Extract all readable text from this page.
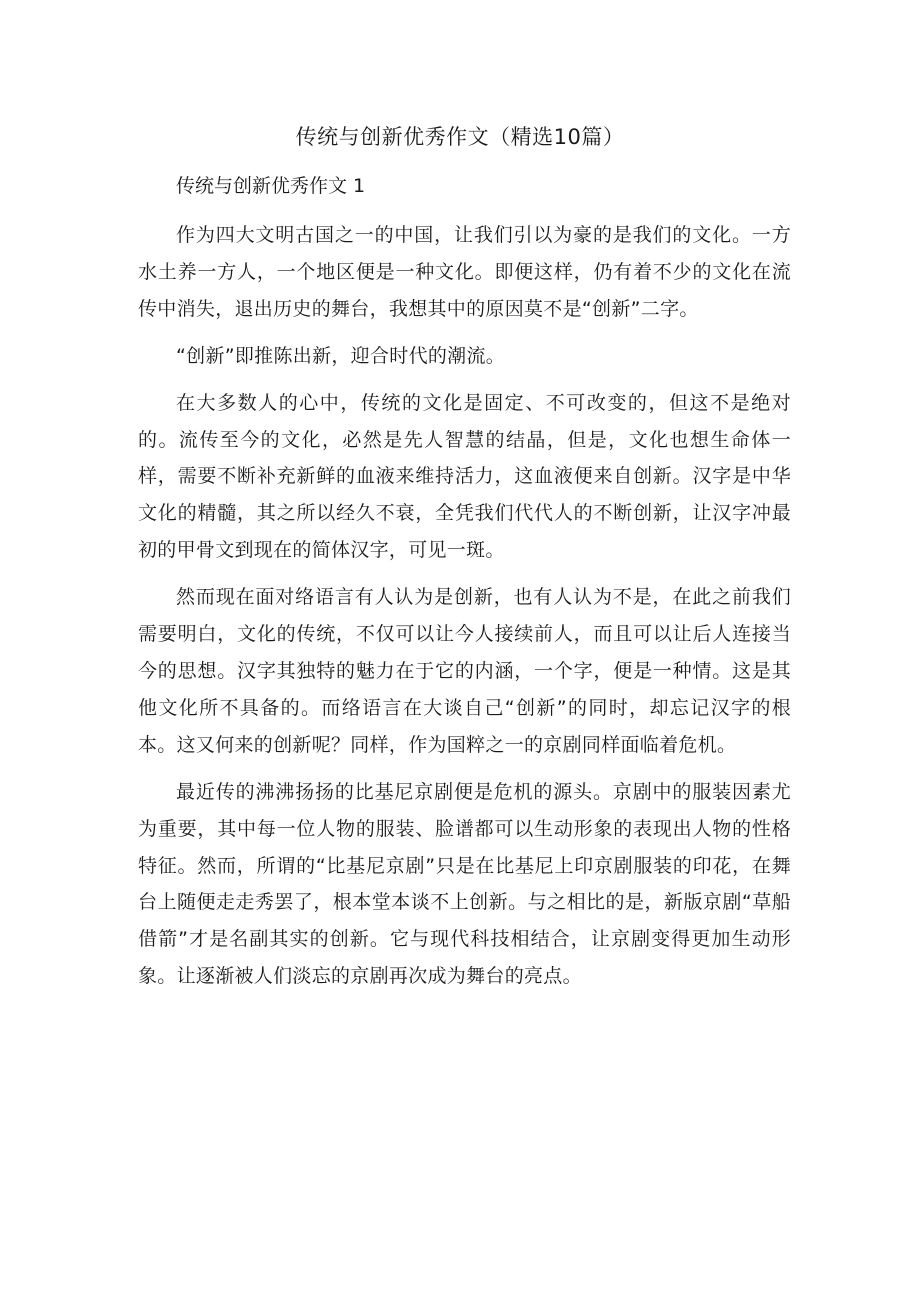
传统与创新优秀作文（精选10篇）
传统与创新优秀作文 1

作为四大文明古国之一的中国，让我们引以为豪的是我们的文化。一方水土养一方人，一个地区便是一种文化。即便这样，仍有着不少的文化在流传中消失，退出历史的舞台，我想其中的原因莫不是“创新”二字。

“创新”即推陈出新，迎合时代的潮流。

在大多数人的心中，传统的文化是固定、不可改变的，但这不是绝对的。流传至今的文化，必然是先人智慧的结晶，但是，文化也想生命体一样，需要不断补充新鲜的血液来维持活力，这血液便来自创新。汉字是中华文化的精髓，其之所以经久不衰，全凭我们代代人的不断创新，让汉字冲最初的甲骨文到现在的简体汉字，可见一斑。

然而现在面对络语言有人认为是创新，也有人认为不是，在此之前我们需要明白，文化的传统，不仅可以让今人接续前人，而且可以让后人连接当今的思想。汉字其独特的魅力在于它的内涵，一个字，便是一种情。这是其他文化所不具备的。而络语言在大谈自己“创新”的同时，却忘记汉字的根本。这又何来的创新呢？同样，作为国粹之一的京剧同样面临着危机。

最近传的沸沸扬扬的比基尼京剧便是危机的源头。京剧中的服装因素尤为重要，其中每一位人物的服装、脸谱都可以生动形象的表现出人物的性格特征。然而，所谓的“比基尼京剧”只是在比基尼上印京剧服装的印花，在舞台上随便走走秀罢了，根本堂本谈不上创新。与之相比的是，新版京剧“草船借箭”才是名副其实的创新。它与现代科技相结合，让京剧变得更加生动形象。让逐渐被人们淡忘的京剧再次成为舞台的亮点。
